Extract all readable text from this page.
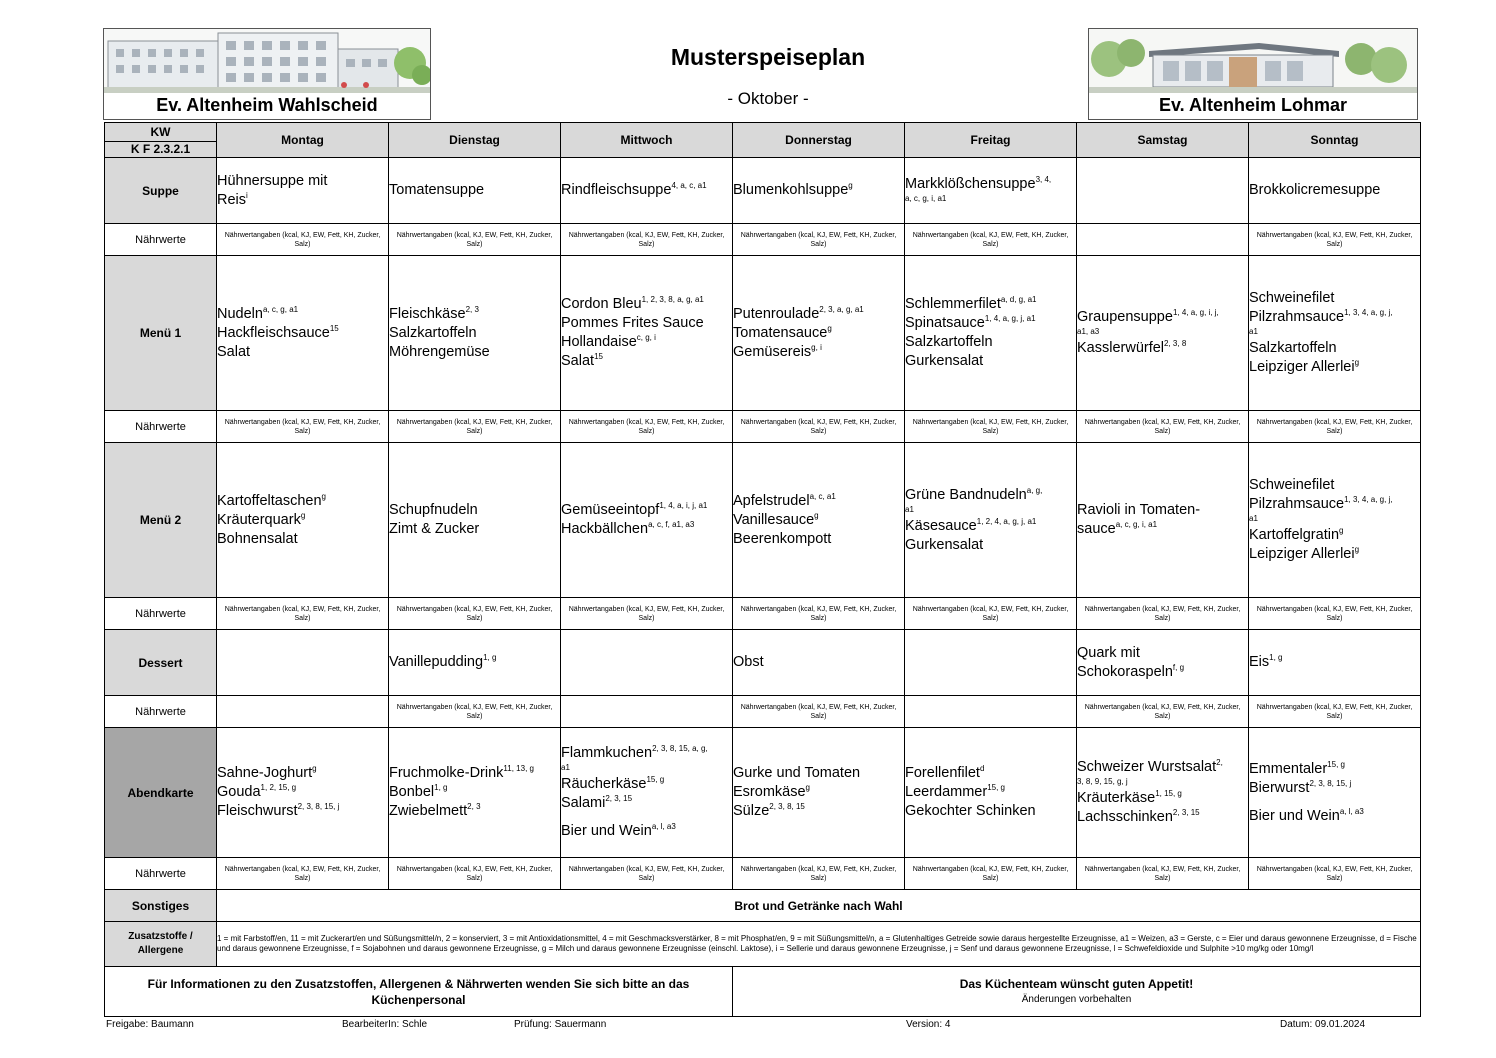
Ev. Altenheim Wahlscheid
Musterspeiseplan
- Oktober -	Ev. Altenheim Lohmar
KW
K F 2.3.2.1	Montag	Dienstag	Mittwoch	Donnerstag	Freitag	Samstag	Sonntag
Suppe	Hühnersuppe mit
Reis$^i$	Tomatensuppe	Rindfleischsuppe$^{4, a, c, a1}$	Blumenkohlsuppe$^g$	Markklößchensuppe$^{3, 4,}$
a, c, g, i, a1		Brokkolicremesuppe

Nährwerte	Nährwertangaben (kcal, KJ, EW, Fett, KH, Zucker, Salz)	Nährwertangaben (kcal, KJ, EW, Fett, KH, Zucker, Salz)	Nährwertangaben (kcal, KJ, EW, Fett, KH, Zucker, Salz)	Nährwertangaben (kcal, KJ, EW, Fett, KH, Zucker, Salz)	Nährwertangaben (kcal, KJ, EW, Fett, KH, Zucker, Salz)		Nährwertangaben (kcal, KJ, EW, Fett, KH, Zucker, Salz)
Menü 1	Nudeln$^{a, c, g, a1}$
Hackfleischsauce$^{15}$
Salat	Fleischkäse$^{2, 3}$
Salzkartoffeln
Möhrengemüse	Cordon Bleu$^{1, 2, 3, 8, a, g, a1}$
Pommes Frites Sauce
Hollandaise$^{c, g, i}$
Salat$^{15}$	Putenroulade$^{2, 3, a, g, a1}$
Tomatensauce$^g$
Gemüsereis$^{g, i}$	Schlemmerfilet$^{a, d, g, a1}$
Spinatsauce$^{1, 4, a, g, j, a1}$
Salzkartoffeln
Gurkensalat	Graupensuppe$^{1, 4, a, g, i, j,}$
a1, a3
Kasslerwürfel$^{2, 3, 8}$	Schweinefilet
Pilzrahmsauce$^{1, 3, 4, a, g, j,}$
a1
Salzkartoffeln
Leipziger Allerlei$^g$

Nährwerte	Nährwertangaben (kcal, KJ, EW, Fett, KH, Zucker, Salz)	Nährwertangaben (kcal, KJ, EW, Fett, KH, Zucker, Salz)	Nährwertangaben (kcal, KJ, EW, Fett, KH, Zucker, Salz)	Nährwertangaben (kcal, KJ, EW, Fett, KH, Zucker, Salz)	Nährwertangaben (kcal, KJ, EW, Fett, KH, Zucker, Salz)	Nährwertangaben (kcal, KJ, EW, Fett, KH, Zucker, Salz)	Nährwertangaben (kcal, KJ, EW, Fett, KH, Zucker, Salz)
Menü 2	Kartoffeltaschen$^g$
Kräuterquark$^g$
Bohnensalat	Schupfnudeln
Zimt & Zucker	Gemüseeintopf$^{1, 4, a, i, j, a1}$
Hackbällchen$^{a, c, f, a1, a3}$	Apfelstrudel$^{a, c, a1}$
Vanillesauce$^g$
Beerenkompott	Grüne Bandnudeln$^{a, g,}$
a1
Käsesauce$^{1, 2, 4, a, g, j, a1}$
Gurkensalat	Ravioli in Tomaten-
sauce$^{a, c, g, i, a1}$	Schweinefilet
Pilzrahmsauce$^{1, 3, 4, a, g, j,}$
a1
Kartoffelgratin$^g$
Leipziger Allerlei$^g$

Nährwerte	Nährwertangaben (kcal, KJ, EW, Fett, KH, Zucker, Salz)	Nährwertangaben (kcal, KJ, EW, Fett, KH, Zucker, Salz)	Nährwertangaben (kcal, KJ, EW, Fett, KH, Zucker, Salz)	Nährwertangaben (kcal, KJ, EW, Fett, KH, Zucker, Salz)	Nährwertangaben (kcal, KJ, EW, Fett, KH, Zucker, Salz)	Nährwertangaben (kcal, KJ, EW, Fett, KH, Zucker, Salz)	Nährwertangaben (kcal, KJ, EW, Fett, KH, Zucker, Salz)
Dessert		Vanillepudding$^{1, g}$		Obst		Quark mit
Schokoraspeln$^{f, g}$	Eis$^{1, g}$

Nährwerte		Nährwertangaben (kcal, KJ, EW, Fett, KH, Zucker, Salz)		Nährwertangaben (kcal, KJ, EW, Fett, KH, Zucker, Salz)		Nährwertangaben (kcal, KJ, EW, Fett, KH, Zucker, Salz)	Nährwertangaben (kcal, KJ, EW, Fett, KH, Zucker, Salz)
Abendkarte	Sahne-Joghurt$^g$
Gouda$^{1, 2, 15, g}$
Fleischwurst$^{2, 3, 8, 15, j}$	Fruchmolke-Drink$^{11, 13, g}$
Bonbel$^{1, g}$
Zwiebelmett$^{2, 3}$	Flammkuchen$^{2, 3, 8, 15, a, g,}$
a1
Räucherkäse$^{15, g}$
Salami$^{2, 3, 15}$
Bier und Wein$^{a, l, a3}$	Gurke und Tomaten
Esromkäse$^g$
Sülze$^{2, 3, 8, 15}$	Forellenfilet$^d$
Leerdammer$^{15, g}$
Gekochter Schinken	Schweizer Wurstsalat$^{2,}$
3, 8, 9, 15, g, j
Kräuterkäse$^{1, 15, g}$
Lachsschinken$^{2, 3, 15}$	Emmentaler$^{15, g}$
Bierwurst$^{2, 3, 8, 15, j}$
Bier und Wein$^{a, l, a3}$

Nährwerte	Nährwertangaben (kcal, KJ, EW, Fett, KH, Zucker, Salz)	Nährwertangaben (kcal, KJ, EW, Fett, KH, Zucker, Salz)	Nährwertangaben (kcal, KJ, EW, Fett, KH, Zucker, Salz)	Nährwertangaben (kcal, KJ, EW, Fett, KH, Zucker, Salz)	Nährwertangaben (kcal, KJ, EW, Fett, KH, Zucker, Salz)	Nährwertangaben (kcal, KJ, EW, Fett, KH, Zucker, Salz)	Nährwertangaben (kcal, KJ, EW, Fett, KH, Zucker, Salz)
Sonstiges	Brot und Getränke nach Wahl						
Zusatzstoffe / Allergene	1 = mit Farbstoff/en, 11 = mit Zuckerart/en und Süßungsmittel/n, 2 = konserviert, 3 = mit Antioxidationsmittel, 4 = mit Geschmacksverstärker, 8 = mit Phosphat/en, 9 = mit Süßungsmittel/n, a = Glutenhaltiges Getreide sowie daraus hergestellte Erzeugnisse, a1 = Weizen, a3 = Gerste, c = Eier und daraus gewonnene Erzeugnisse, d = Fische und daraus gewonnene Erzeugnisse, f = Sojabohnen und daraus gewonnene Erzeugnisse, g = Milch und daraus gewonnene Erzeugnisse (einschl. Laktose), i = Sellerie und daraus gewonnene Erzeugnisse, j = Senf und daraus gewonnene Erzeugnisse, l = Schwefeldioxide und Sulphite >10 mg/kg oder 10mg/l						
Für Informationen zu den Zusatzstoffen, Allergenen & Nährwerten wenden Sie sich bitte an das Küchenpersonal				Das Küchenteam wünscht guten Appetit!
Änderungen vorbehalten			
Freigabe: Baumann	BearbeiterIn: Schle	Prüfung: Sauermann	Version: 4	Datum: 09.01.2024
